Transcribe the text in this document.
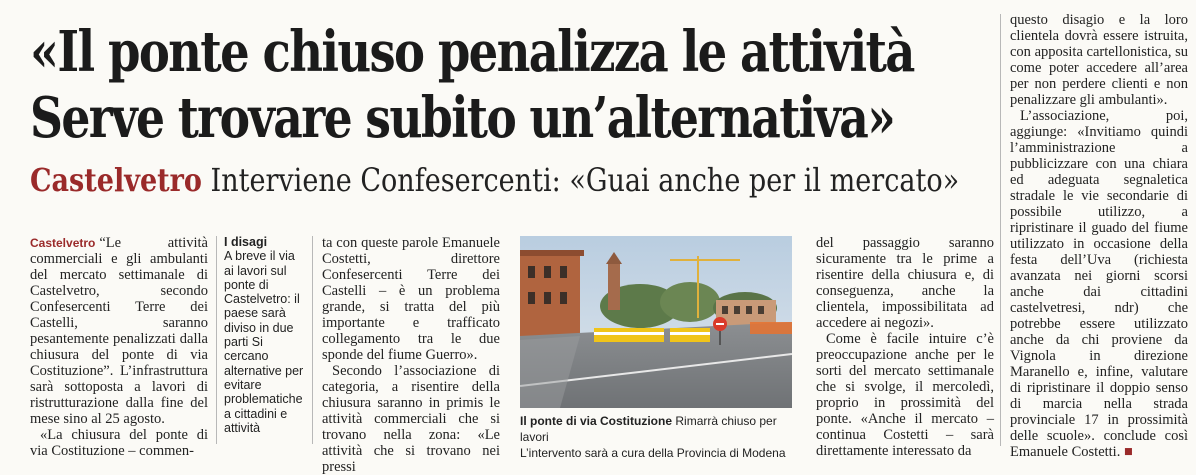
«Il ponte chiuso penalizza le attività
Serve trovare subito un’alternativa»
Castelvetro Interviene Confesercenti: «Guai anche per il mercato»

Castelvetro “Le attività commerciali e gli ambulanti del mercato settimanale di Castelvetro, secondo Confesercenti Terre dei Castelli, saranno pesantemente penalizzati dalla chiusura del ponte di via Costituzione”. L’infrastruttura sarà sottoposta a lavori di ristrutturazione dalla fine del mese sino al 25 agosto.

«La chiusura del ponte di via Costituzione – commen-

I disagi
A breve il via ai lavori sul ponte di Castelvetro: il paese sarà diviso in due parti Si cercano alternative per evitare problematiche a cittadini e attività

ta con queste parole Emanuele Costetti, direttore Confesercenti Terre dei Castelli – è un problema grande, si tratta del più importante e trafficato collegamento tra le due sponde del fiume Guerro».

Secondo l’associazione di categoria, a risentire della chiusura saranno in primis le attività commerciali che si trovano nella zona: «Le attività che si trovano nei pressi

Il ponte di via Costituzione Rimarrà chiuso per lavori
L’intervento sarà a cura della Provincia di Modena

del passaggio saranno sicuramente tra le prime a risentire della chiusura e, di conseguenza, anche la clientela, impossibilitata ad accedere ai negozi».

Come è facile intuire c’è preoccupazione anche per le sorti del mercato settimanale che si svolge, il mercoledì, proprio in prossimità del ponte. «Anche il mercato – continua Costetti – sarà direttamente interessato da

questo disagio e la loro clientela dovrà essere istruita, con apposita cartellonistica, su come poter accedere all’area per non perdere clienti e non penalizzare gli ambulanti».

L’associazione, poi, aggiunge: «Invitiamo quindi l’amministrazione a pubblicizzare con una chiara ed adeguata segnaletica stradale le vie secondarie di possibile utilizzo, a ripristinare il guado del fiume utilizzato in occasione della festa dell’Uva (richiesta avanzata nei giorni scorsi anche dai cittadini castelvetresi, ndr) che potrebbe essere utilizzato anche da chi proviene da Vignola in direzione Maranello e, infine, valutare di ripristinare il doppio senso di marcia nella strada provinciale 17 in prossimità delle scuole». conclude così Emanuele Costetti. ■
